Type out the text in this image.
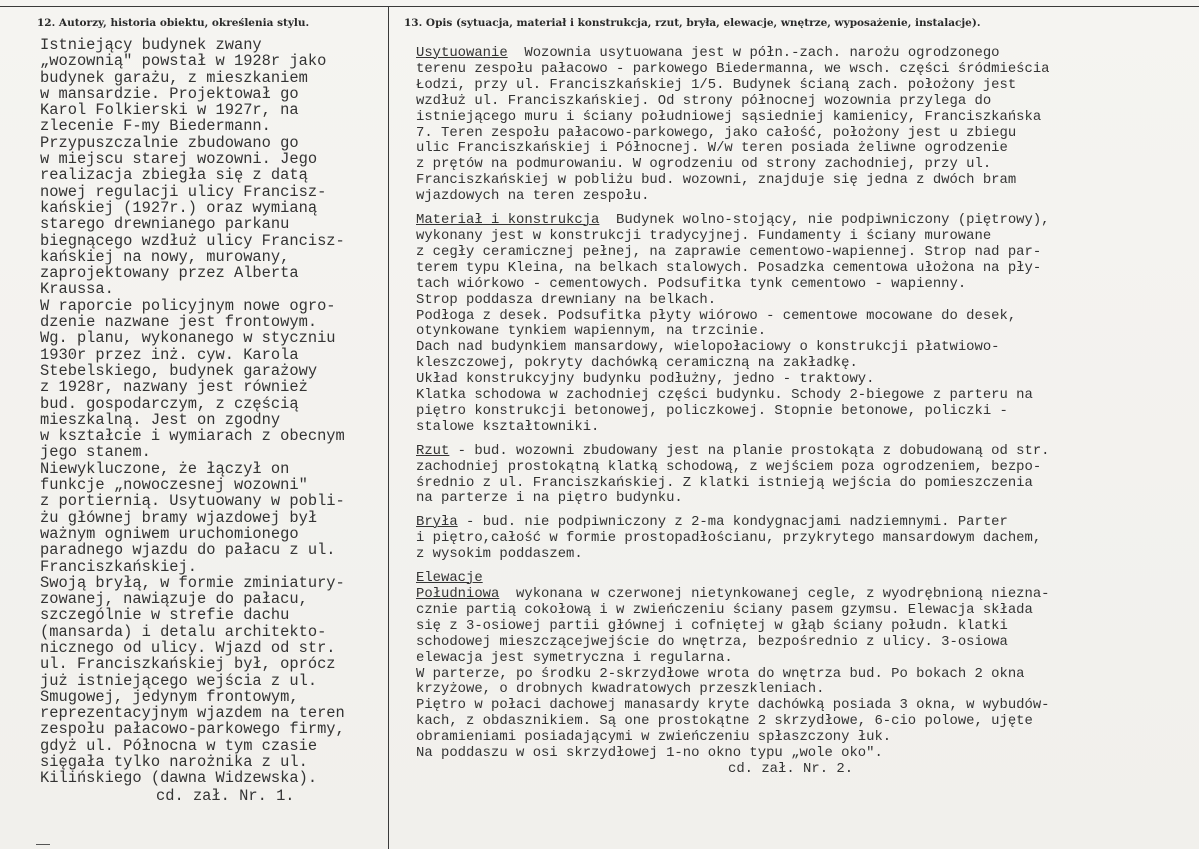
12. Autorzy, historia obiektu, określenia stylu.	13. Opis (sytuacja, materiał i konstrukcja, rzut, bryła, elewacje, wnętrze, wyposażenie, instalacje).
Istniejący budynek zwany
„wozownią" powstał w 1928r jako
budynek garażu, z mieszkaniem
w mansardzie. Projektował go
Karol Folkierski w 1927r, na
zlecenie F-my Biedermann.
Przypuszczalnie zbudowano go
w miejscu starej wozowni. Jego
realizacja zbiegła się z datą
nowej regulacji ulicy Francisz-
kańskiej (1927r.) oraz wymianą
starego drewnianego parkanu
biegnącego wzdłuż ulicy Francisz-
kańskiej na nowy, murowany,
zaprojektowany przez Alberta
Kraussa.
W raporcie policyjnym nowe ogro-
dzenie nazwane jest frontowym.
Wg. planu, wykonanego w styczniu
1930r przez inż. cyw. Karola
Stebelskiego, budynek garażowy
z 1928r, nazwany jest również
bud. gospodarczym, z częścią
mieszkalną. Jest on zgodny
w kształcie i wymiarach z obecnym
jego stanem.
Niewykluczone, że łączył on
funkcje „nowoczesnej wozowni"
z portiernią. Usytuowany w pobli-
żu głównej bramy wjazdowej był
ważnym ogniwem uruchomionego
paradnego wjazdu do pałacu z ul.
Franciszkańskiej.
Swoją bryłą, w formie zminiatury-
zowanej, nawiązuje do pałacu,
szczególnie w strefie dachu
(mansarda) i detalu architekto-
nicznego od ulicy. Wjazd od str.
ul. Franciszkańskiej był, oprócz
już istniejącego wejścia z ul.
Smugowej, jedynym frontowym,
reprezentacyjnym wjazdem na teren
zespołu pałacowo-parkowego firmy,
gdyż ul. Północna w tym czasie
sięgała tylko narożnika z ul.
Kilińskiego (dawna Widzewska).
cd. zał. Nr. 1.
Usytuowanie  Wozownia usytuowana jest w półn.-zach. narożu ogrodzonego
terenu zespołu pałacowo - parkowego Biedermanna, we wsch. części śródmieścia
Łodzi, przy ul. Franciszkańskiej 1/5. Budynek ścianą zach. położony jest
wzdłuż ul. Franciszkańskiej. Od strony północnej wozownia przylega do
istniejącego muru i ściany południowej sąsiedniej kamienicy, Franciszkańska
7. Teren zespołu pałacowo-parkowego, jako całość, położony jest u zbiegu
ulic Franciszkańskiej i Północnej. W/w teren posiada żeliwne ogrodzenie
z prętów na podmurowaniu. W ogrodzeniu od strony zachodniej, przy ul.
Franciszkańskiej w pobliżu bud. wozowni, znajduje się jedna z dwóch bram
wjazdowych na teren zespołu.
Materiał i konstrukcja  Budynek wolno-stojący, nie podpiwniczony (piętrowy),
wykonany jest w konstrukcji tradycyjnej. Fundamenty i ściany murowane
z cegły ceramicznej pełnej, na zaprawie cementowo-wapiennej. Strop nad par-
terem typu Kleina, na belkach stalowych. Posadzka cementowa ułożona na pły-
tach wiórkowo - cementowych. Podsufitka tynk cementowo - wapienny.
Strop poddasza drewniany na belkach.
Podłoga z desek. Podsufitka płyty wiórowo - cementowe mocowane do desek,
otynkowane tynkiem wapiennym, na trzcinie.
Dach nad budynkiem mansardowy, wielopołaciowy o konstrukcji płatwiowo-
kleszczowej, pokryty dachówką ceramiczną na zakładkę.
Układ konstrukcyjny budynku podłużny, jedno - traktowy.
Klatka schodowa w zachodniej części budynku. Schody 2-biegowe z parteru na
piętro konstrukcji betonowej, policzkowej. Stopnie betonowe, policzki -
stalowe kształtowniki.
Rzut - bud. wozowni zbudowany jest na planie prostokąta z dobudowaną od str.
zachodniej prostokątną klatką schodową, z wejściem poza ogrodzeniem, bezpo-
średnio z ul. Franciszkańskiej. Z klatki istnieją wejścia do pomieszczenia
na parterze i na piętro budynku.
Bryła - bud. nie podpiwniczony z 2-ma kondygnacjami nadziemnymi. Parter
i piętro,całość w formie prostopadłościanu, przykrytego mansardowym dachem,
z wysokim poddaszem.
Elewacje
Południowa  wykonana w czerwonej nietynkowanej cegle, z wyodrębnioną niezna-
cznie partią cokołową i w zwieńczeniu ściany pasem gzymsu. Elewacja składa
się z 3-osiowej partii głównej i cofniętej w głąb ściany połudn. klatki
schodowej mieszczącejwejście do wnętrza, bezpośrednio z ulicy. 3-osiowa
elewacja jest symetryczna i regularna.
W parterze, po środku 2-skrzydłowe wrota do wnętrza bud. Po bokach 2 okna
krzyżowe, o drobnych kwadratowych przeszkleniach.
Piętro w połaci dachowej manasardy kryte dachówką posiada 3 okna, w wybudów-
kach, z obdasznikiem. Są one prostokątne 2 skrzydłowe, 6-cio polowe, ujęte
obramieniami posiadającymi w zwieńczeniu spłaszczony łuk.
Na poddaszu w osi skrzydłowej 1-no okno typu „wole oko".
cd. zał. Nr. 2.
